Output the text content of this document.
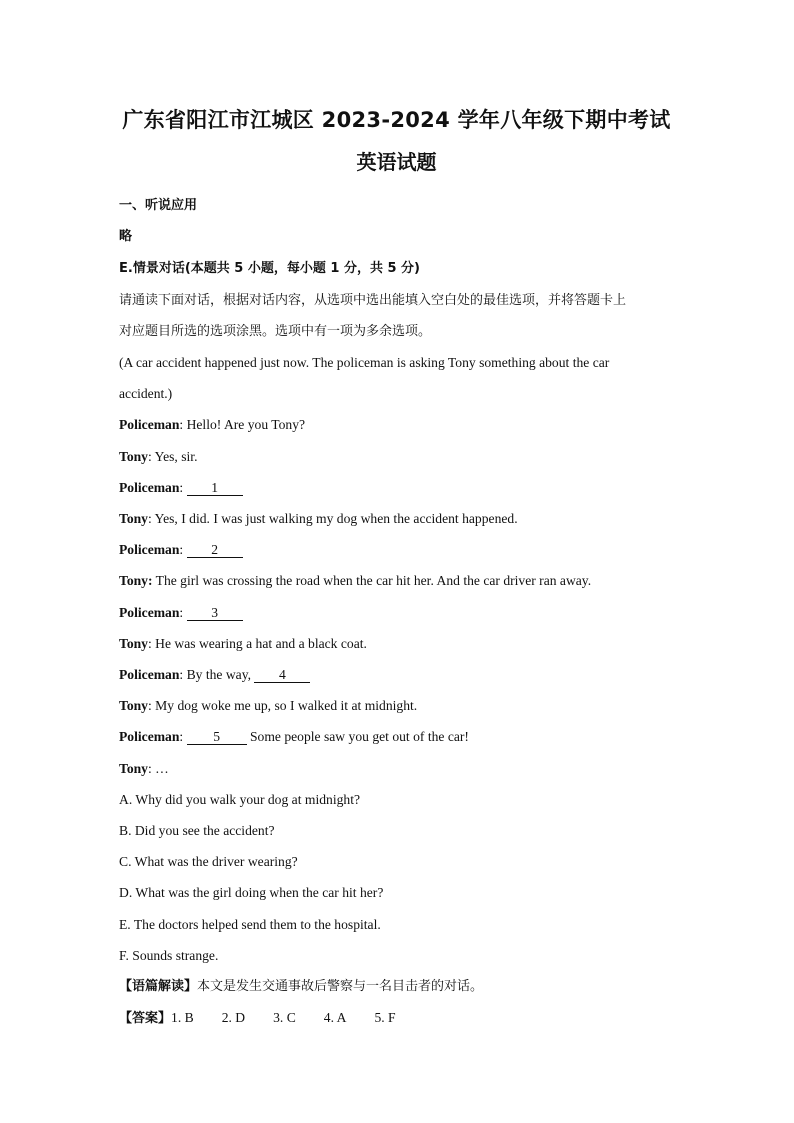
广东省阳江市江城区 2023-2024 学年八年级下期中考试
英语试题

一、听说应用

略

E.情景对话(本题共 5 小题，每小题 1 分，共 5 分)

请通读下面对话，根据对话内容，从选项中选出能填入空白处的最佳选项，并将答题卡上

对应题目所选的选项涂黑。选项中有一项为多余选项。

(A car accident happened just now. The policeman is asking Tony something about the car

accident.)

Policeman: Hello! Are you Tony?

Tony: Yes, sir.

Policeman: 1

Tony: Yes, I did. I was just walking my dog when the accident happened.

Policeman: 2

Tony: The girl was crossing the road when the car hit her. And the car driver ran away.

Policeman: 3

Tony: He was wearing a hat and a black coat.

Policeman: By the way, 4

Tony: My dog woke me up, so I walked it at midnight.

Policeman: 5 Some people saw you get out of the car!

Tony: …

A. Why did you walk your dog at midnight?

B. Did you see the accident?

C. What was the driver wearing?

D. What was the girl doing when the car hit her?

E. The doctors helped send them to the hospital.

F. Sounds strange.

【语篇解读】本文是发生交通事故后警察与一名目击者的对话。

【答案】1. B 2. D 3. C 4. A 5. F
